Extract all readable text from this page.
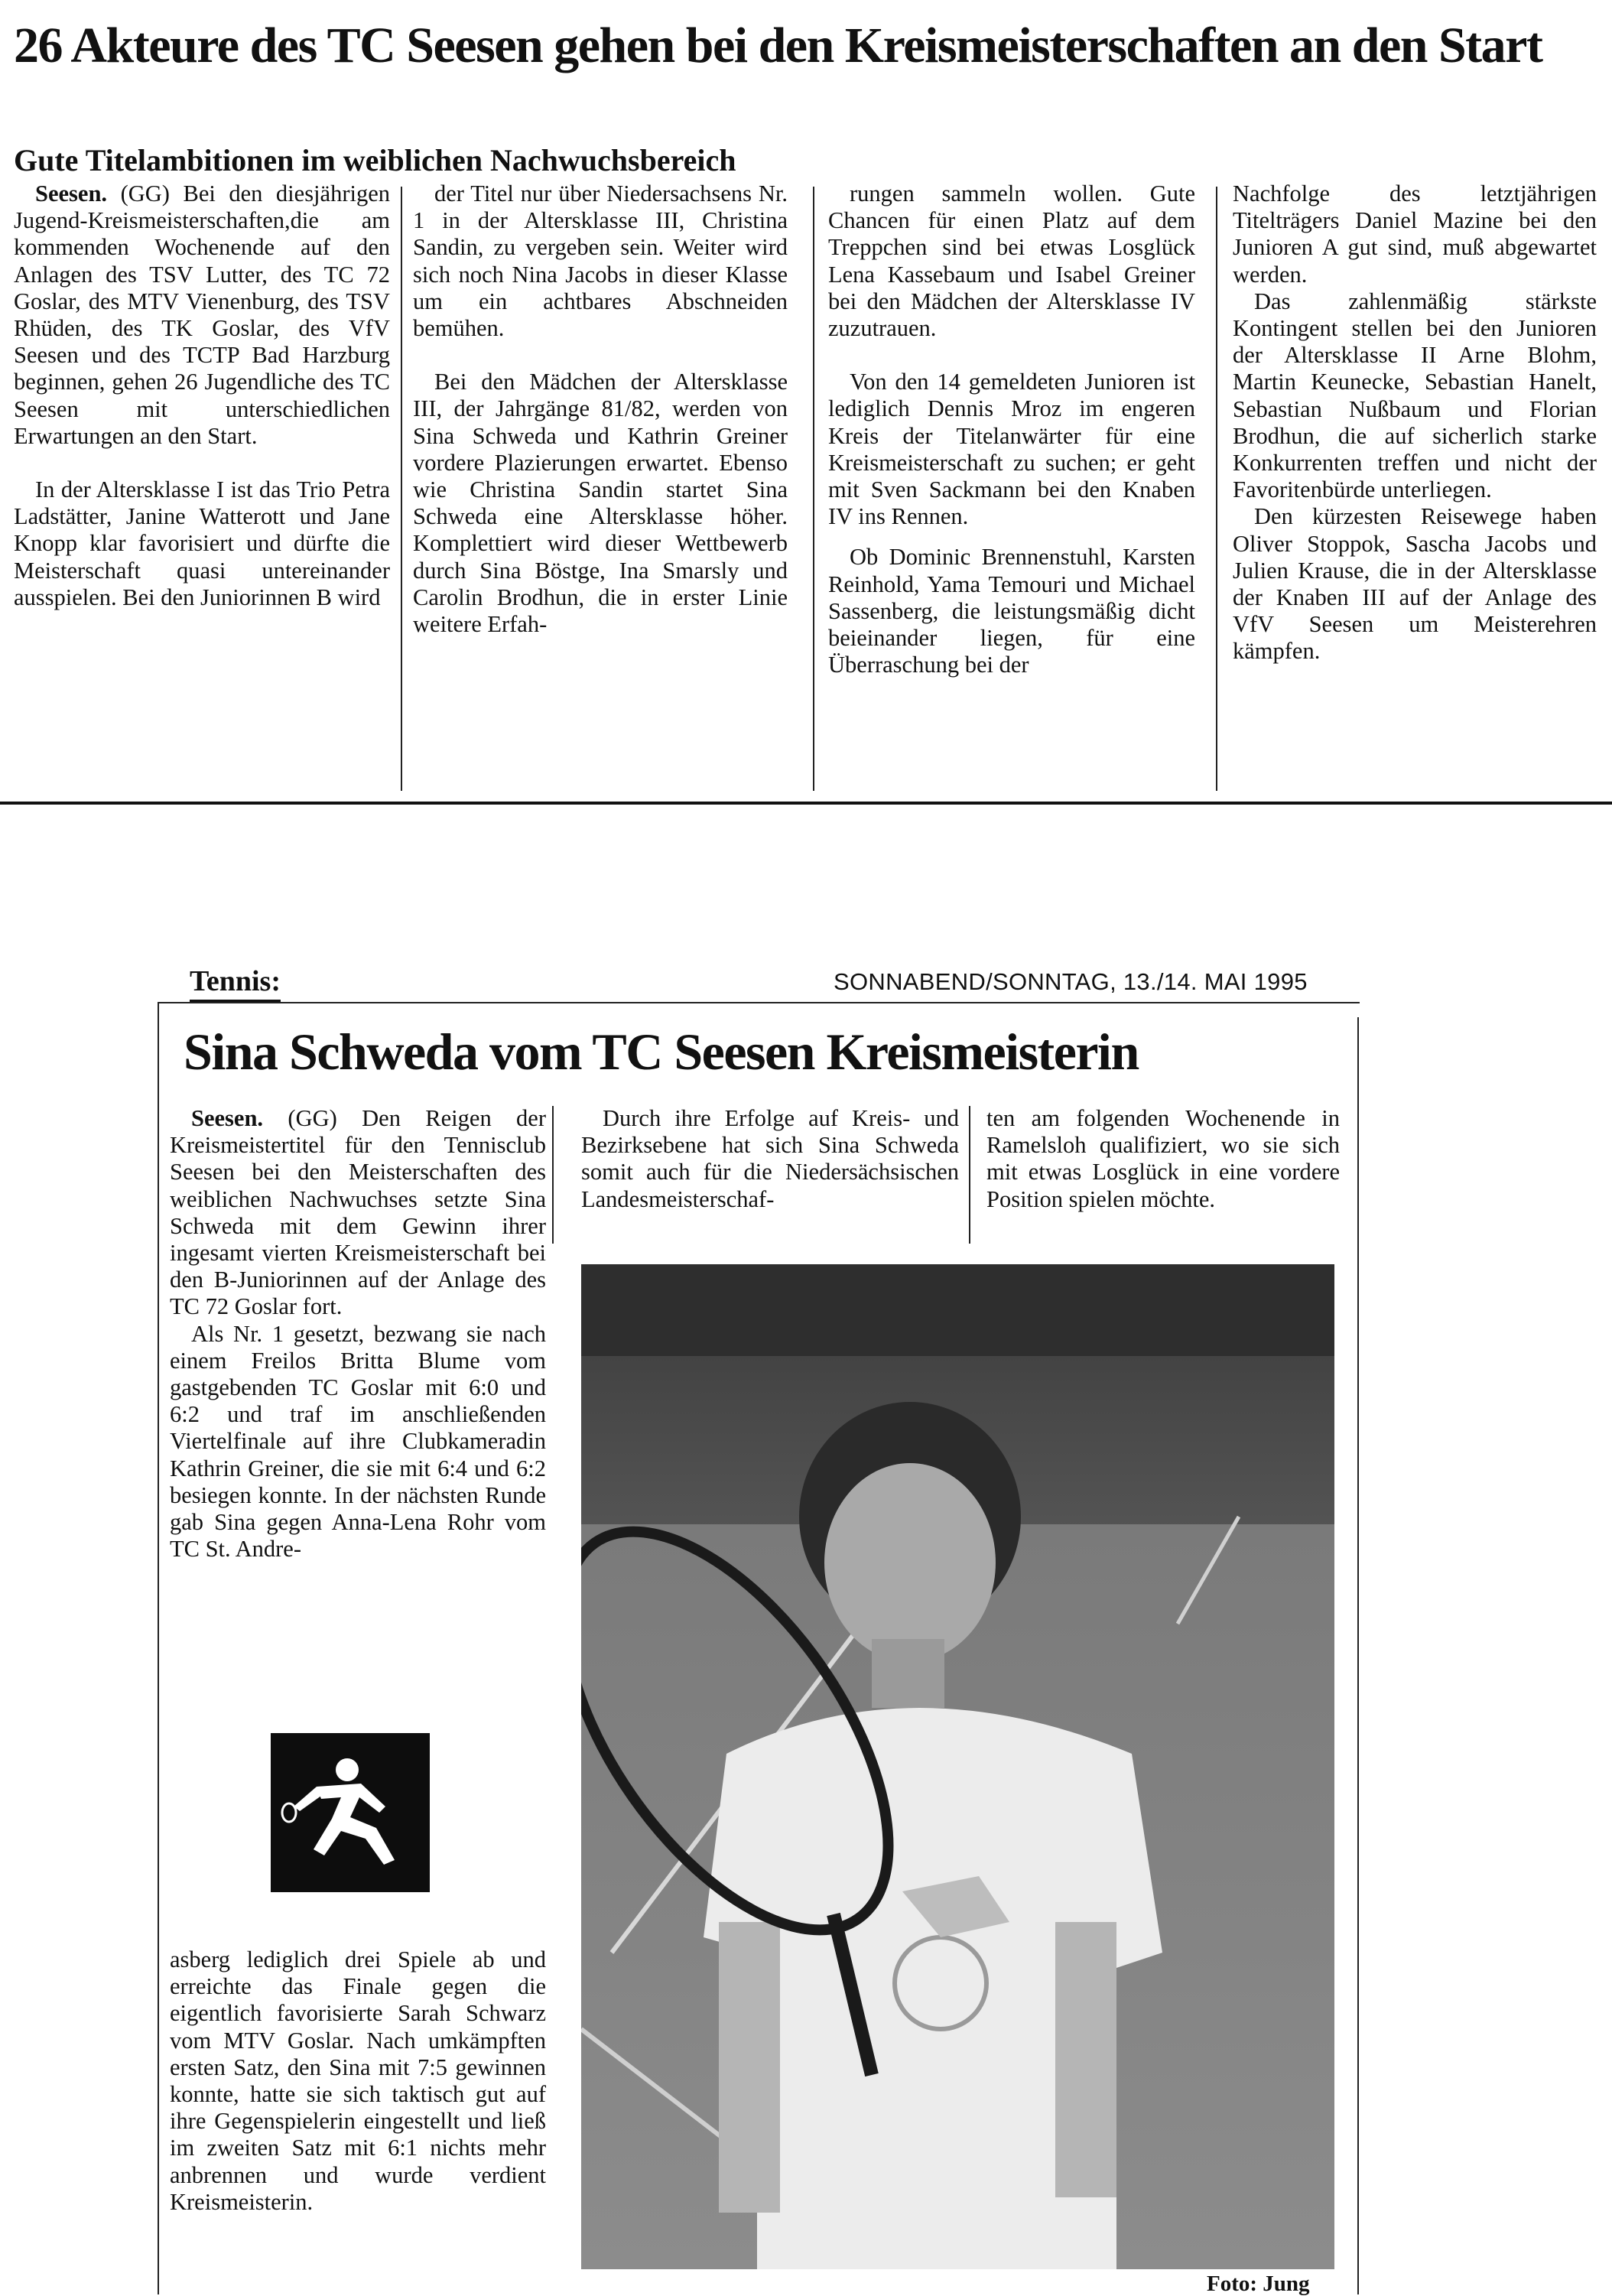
26 Akteure des TC Seesen gehen bei den Kreismeisterschaften an den Start
Gute Titelambitionen im weiblichen Nachwuchsbereich

Seesen. (GG) Bei den diesjährigen Jugend-Kreismeisterschaften,die am kommenden Wochenende auf den Anlagen des TSV Lutter, des TC 72 Goslar, des MTV Vienenburg, des TSV Rhüden, des TK Goslar, des VfV Seesen und des TCTP Bad Harzburg beginnen, gehen 26 Jugendliche des TC Seesen mit unterschiedlichen Erwartungen an den Start.

In der Altersklasse I ist das Trio Petra Ladstätter, Janine Watterott und Jane Knopp klar favorisiert und dürfte die Meisterschaft quasi untereinander ausspielen. Bei den Juniorinnen B wird

der Titel nur über Niedersachsens Nr. 1 in der Altersklasse III, Christina Sandin, zu vergeben sein. Weiter wird sich noch Nina Jacobs in dieser Klasse um ein achtbares Abschneiden bemühen.

Bei den Mädchen der Altersklasse III, der Jahrgänge 81/82, werden von Sina Schweda und Kathrin Greiner vordere Plazierungen erwartet. Ebenso wie Christina Sandin startet Sina Schweda eine Altersklasse höher. Komplettiert wird dieser Wettbewerb durch Sina Böstge, Ina Smarsly und Carolin Brodhun, die in erster Linie weitere Erfah-

rungen sammeln wollen. Gute Chancen für einen Platz auf dem Treppchen sind bei etwas Losglück Lena Kassebaum und Isabel Greiner bei den Mädchen der Altersklasse IV zuzutrauen.

Von den 14 gemeldeten Junioren ist lediglich Dennis Mroz im engeren Kreis der Titelanwärter für eine Kreismeisterschaft zu suchen; er geht mit Sven Sackmann bei den Knaben IV ins Rennen.

Ob Dominic Brennenstuhl, Karsten Reinhold, Yama Temouri und Michael Sassenberg, die leistungsmäßig dicht beieinander liegen, für eine Überraschung bei der

Nachfolge des letztjährigen Titelträgers Daniel Mazine bei den Junioren A gut sind, muß abgewartet werden.

Das zahlenmäßig stärkste Kontingent stellen bei den Junioren der Altersklasse II Arne Blohm, Martin Keunecke, Sebastian Hanelt, Sebastian Nußbaum und Florian Brodhun, die auf sicherlich starke Konkurrenten treffen und nicht der Favoritenbürde unterliegen.

Den kürzesten Reisewege haben Oliver Stoppok, Sascha Jacobs und Julien Krause, die in der Altersklasse der Knaben III auf der Anlage des VfV Seesen um Meisterehren kämpfen.

Tennis:	SONNABEND/SONNTAG, 13./14. MAI 1995
Sina Schweda vom TC Seesen Kreismeisterin

Seesen. (GG) Den Reigen der Kreismeistertitel für den Tennisclub Seesen bei den Meisterschaften des weiblichen Nachwuchses setzte Sina Schweda mit dem Gewinn ihrer ingesamt vierten Kreismeisterschaft bei den B-Juniorinnen auf der Anlage des TC 72 Goslar fort.

Als Nr. 1 gesetzt, bezwang sie nach einem Freilos Britta Blume vom gastgebenden TC Goslar mit 6:0 und 6:2 und traf im anschließenden Viertelfinale auf ihre Clubkameradin Kathrin Greiner, die sie mit 6:4 und 6:2 besiegen konnte. In der nächsten Runde gab Sina gegen Anna-Lena Rohr vom TC St. Andre-

asberg lediglich drei Spiele ab und erreichte das Finale gegen die eigentlich favorisierte Sarah Schwarz vom MTV Goslar. Nach umkämpften ersten Satz, den Sina mit 7:5 gewinnen konnte, hatte sie sich taktisch gut auf ihre Gegenspielerin eingestellt und ließ im zweiten Satz mit 6:1 nichts mehr anbrennen und wurde verdient Kreismeisterin.

Durch ihre Erfolge auf Kreis- und Bezirksebene hat sich Sina Schweda somit auch für die Niedersächsischen Landesmeisterschaf-

ten am folgenden Wochenende in Ramelsloh qualifiziert, wo sie sich mit etwas Losglück in eine vordere Position spielen möchte.

Foto: Jung
